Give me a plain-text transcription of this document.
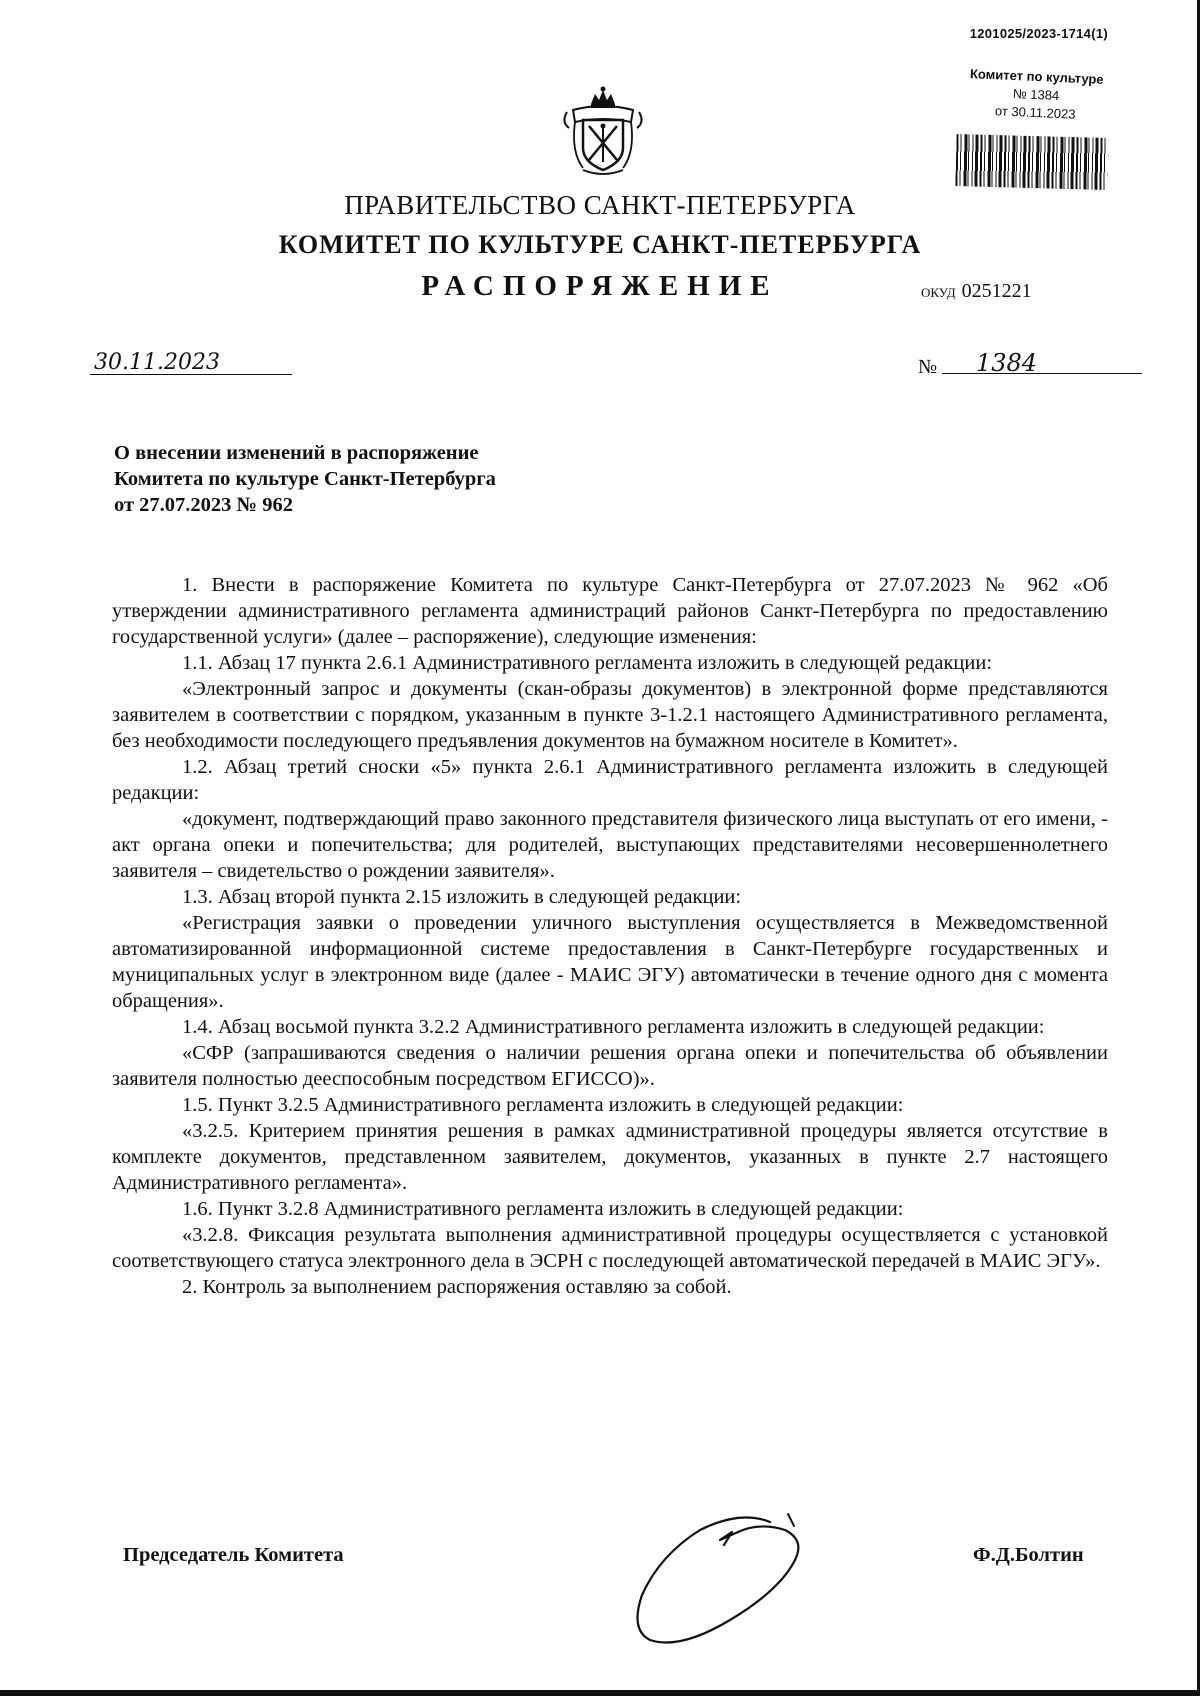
1201025/2023-1714(1)
Комитет по культуре
№ 1384
от 30.11.2023
ПРАВИТЕЛЬСТВО САНКТ-ПЕТЕРБУРГА
КОМИТЕТ ПО КУЛЬТУРЕ САНКТ-ПЕТЕРБУРГА
РАСПОРЯЖЕНИЕ	ОКУД 0251221
30.11.2023	№	1384
О внесении изменений в распоряжение
Комитета по культуре Санкт-Петербурга
от 27.07.2023 № 962

1. Внести в распоряжение Комитета по культуре Санкт-Петербурга от 27.07.2023 № 962 «Об утверждении административного регламента администраций районов Санкт-Петербурга по предоставлению государственной услуги» (далее – распоряжение), следующие изменения:

1.1. Абзац 17 пункта 2.6.1 Административного регламента изложить в следующей редакции:

«Электронный запрос и документы (скан-образы документов) в электронной форме представляются заявителем в соответствии с порядком, указанным в пункте 3-1.2.1 настоящего Административного регламента, без необходимости последующего предъявления документов на бумажном носителе в Комитет».

1.2. Абзац третий сноски «5» пункта 2.6.1 Административного регламента изложить в следующей редакции:

«документ, подтверждающий право законного представителя физического лица выступать от его имени, - акт органа опеки и попечительства; для родителей, выступающих представителями несовершеннолетнего заявителя – свидетельство о рождении заявителя».

1.3. Абзац второй пункта 2.15 изложить в следующей редакции:

«Регистрация заявки о проведении уличного выступления осуществляется в Межведомственной автоматизированной информационной системе предоставления в Санкт-Петербурге государственных и муниципальных услуг в электронном виде (далее - МАИС ЭГУ) автоматически в течение одного дня с момента обращения».

1.4. Абзац восьмой пункта 3.2.2 Административного регламента изложить в следующей редакции:

«СФР (запрашиваются сведения о наличии решения органа опеки и попечительства об объявлении заявителя полностью дееспособным посредством ЕГИССО)».

1.5. Пункт 3.2.5 Административного регламента изложить в следующей редакции:

«3.2.5. Критерием принятия решения в рамках административной процедуры является отсутствие в комплекте документов, представленном заявителем, документов, указанных в пункте 2.7 настоящего Административного регламента».

1.6. Пункт 3.2.8 Административного регламента изложить в следующей редакции:

«3.2.8. Фиксация результата выполнения административной процедуры осуществляется с установкой соответствующего статуса электронного дела в ЭСРН с последующей автоматической передачей в МАИС ЭГУ».

2. Контроль за выполнением распоряжения оставляю за собой.

Председатель Комитета	Ф.Д.Болтин
